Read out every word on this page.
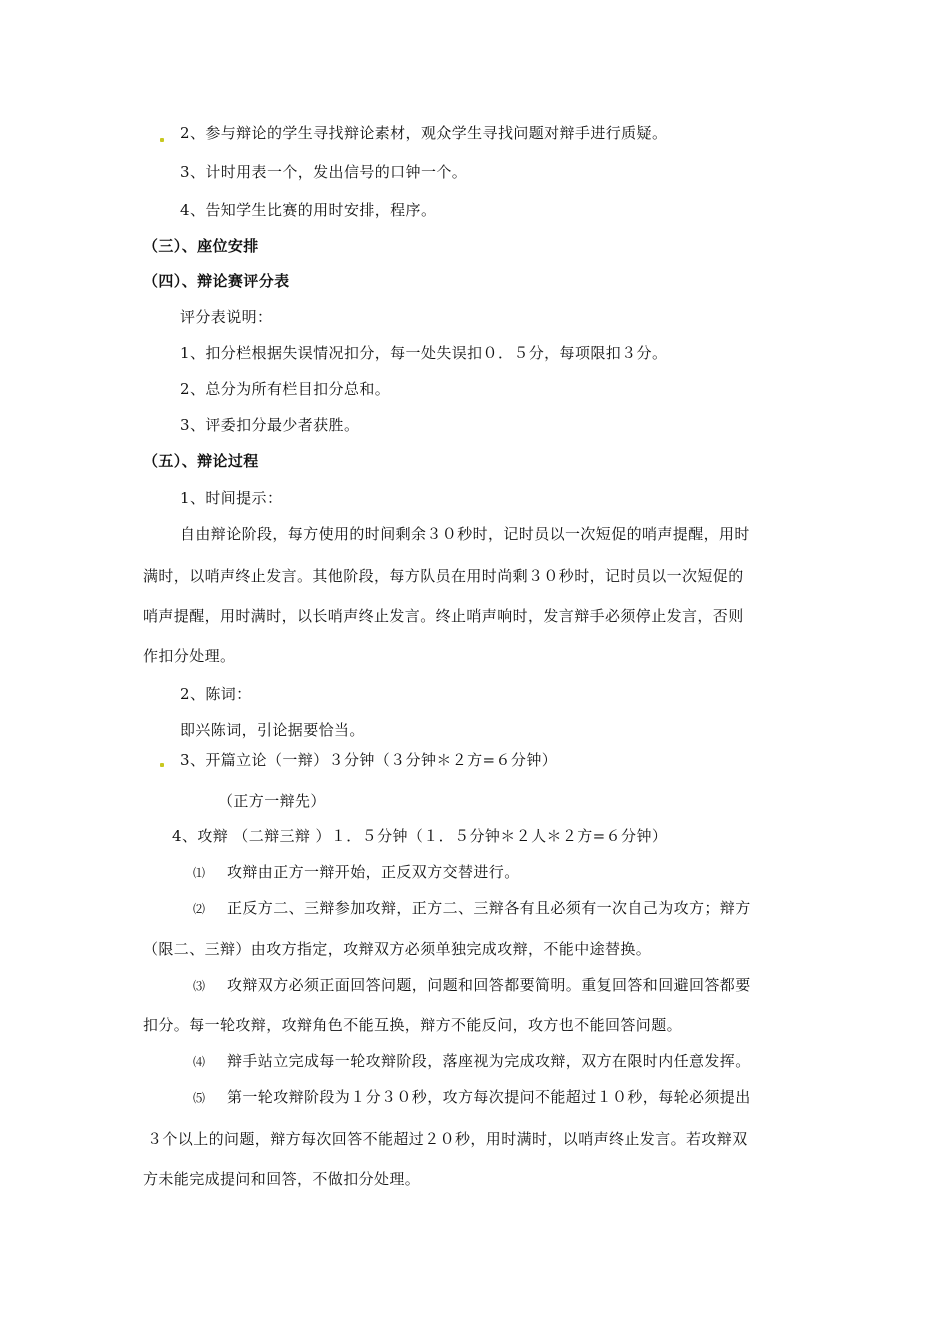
2、参与辩论的学生寻找辩论素材，观众学生寻找问题对辩手进行质疑。
3、计时用表一个，发出信号的口钟一个。
4、告知学生比赛的用时安排，程序。
（三）、座位安排
（四）、辩论赛评分表
评分表说明：
1、扣分栏根据失误情况扣分，每一处失误扣０．５分，每项限扣３分。
2、总分为所有栏目扣分总和。
3、评委扣分最少者获胜。
（五）、辩论过程
1、时间提示：
自由辩论阶段，每方使用的时间剩余３０秒时，记时员以一次短促的哨声提醒，用时
满时，以哨声终止发言。其他阶段，每方队员在用时尚剩３０秒时，记时员以一次短促的
哨声提醒，用时满时，以长哨声终止发言。终止哨声响时，发言辩手必须停止发言，否则
作扣分处理。
2、陈词：
即兴陈词，引论据要恰当。
3、开篇立论（一辩）３分钟（３分钟＊２方=６分钟）
（正方一辩先）
4、攻辩 （二辩三辩 ）１．５分钟（１．５分钟＊２人＊２方=６分钟）
⑴ 攻辩由正方一辩开始，正反双方交替进行。
⑵ 正反方二、三辩参加攻辩，正方二、三辩各有且必须有一次自己为攻方；辩方
（限二、三辩）由攻方指定，攻辩双方必须单独完成攻辩，不能中途替换。
⑶ 攻辩双方必须正面回答问题，问题和回答都要简明。重复回答和回避回答都要
扣分。每一轮攻辩，攻辩角色不能互换，辩方不能反问，攻方也不能回答问题。
⑷ 辩手站立完成每一轮攻辩阶段，落座视为完成攻辩，双方在限时内任意发挥。
⑸ 第一轮攻辩阶段为１分３０秒，攻方每次提问不能超过１０秒，每轮必须提出
３个以上的问题，辩方每次回答不能超过２０秒，用时满时，以哨声终止发言。若攻辩双
方未能完成提问和回答，不做扣分处理。
